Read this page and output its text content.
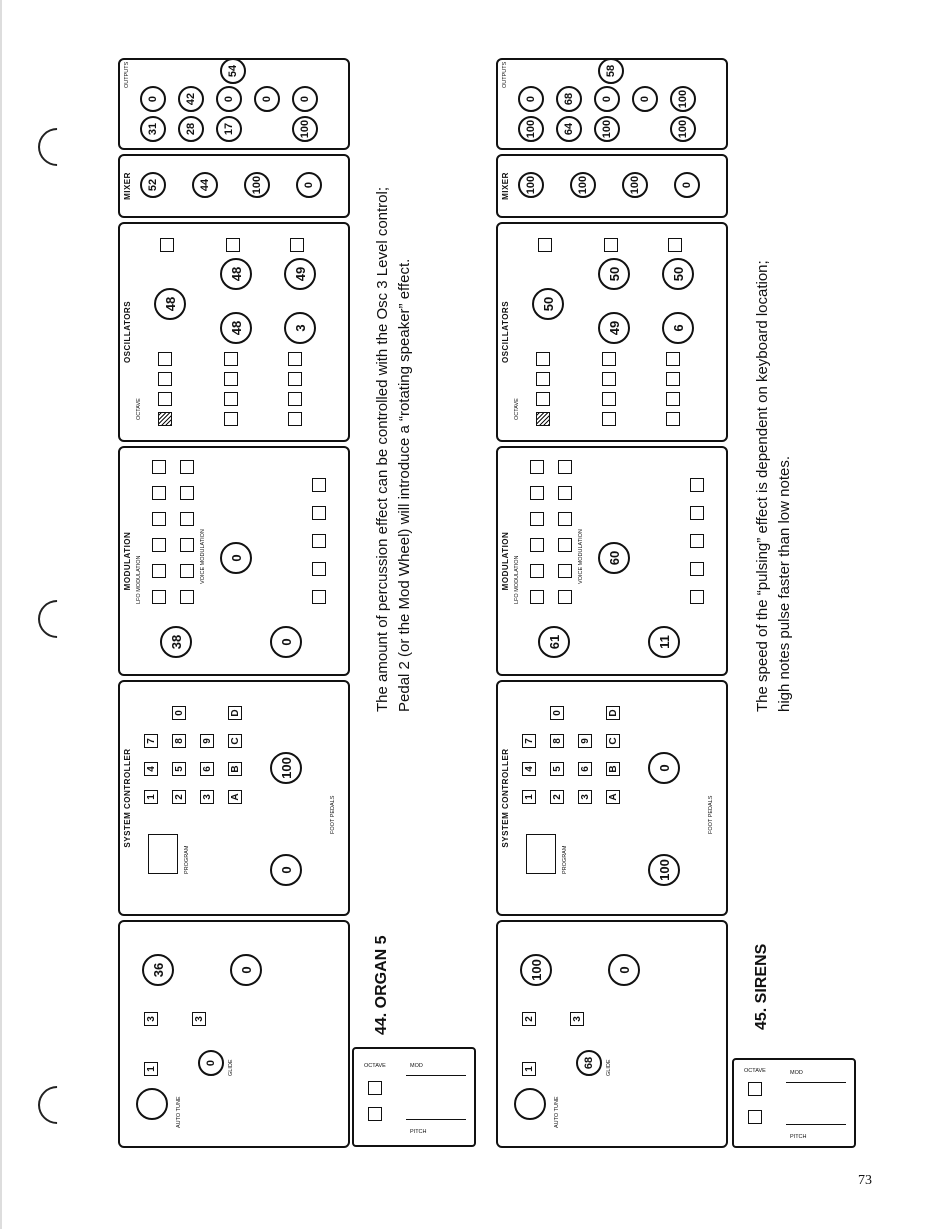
AUTO TUNE
1
0	GLIDE
3	3
36	0
SYSTEM CONTROLLER
PROGRAM
1 2 3 A
4 5 6 B
7 8 9 C
0	D
0
100
FOOT PEDALS
MODULATION LFO MODULATION
38	0
0
VOICE MODULATION
OSCILLATORS
OCTAVE
48
48
48
3
49
MIXER	52	44	100	0
31	28	17
0	42	0	0	0
100
54
OUTPUTS
AUTO TUNE
1	68	GLIDE
2	3
100	0
SYSTEM CONTROLLER
PROGRAM
1 2 3 A
4 5 6 B
7 8 9 C
0	D
100
0
FOOT PEDALS
MODULATION LFO MODULATION
61	11
60
VOICE MODULATION
OSCILLATORS
OCTAVE
50
49
50
6
50
MIXER	100	100	100	0
100	64	100
0	68	0	0	100
100
58
OUTPUTS
OCTAVE	MOD
PITCH
OCTAVE	MOD
PITCH
44. ORGAN 5	45. SIRENS
The amount of percussion effect can be controlled with the Osc 3 Level control; Pedal 2 (or the Mod Wheel) will introduce a “rotating speaker” effect.	The speed of the “pulsing” effect is dependent on keyboard location; high notes pulse faster than low notes.
73
